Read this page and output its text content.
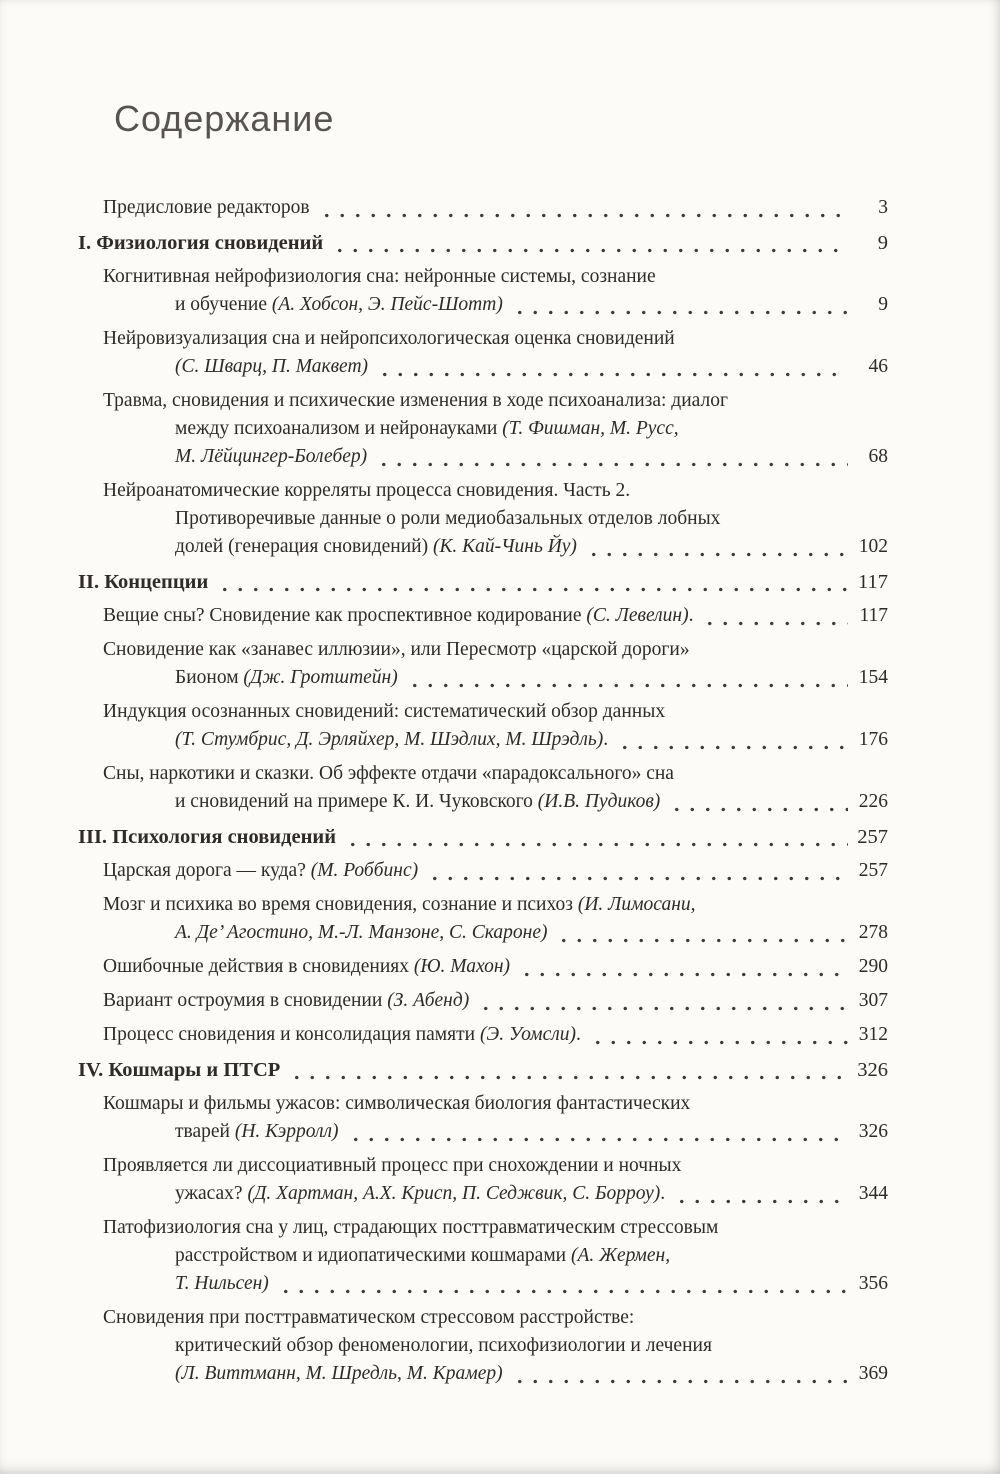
Содержание
Предисловие редакторов	3
I. Физиология сновидений	9
Когнитивная нейрофизиология сна: нейронные системы, сознание
и обучение (А. Хобсон, Э. Пейс-Шотт)	9
Нейровизуализация сна и нейропсихологическая оценка сновидений
(С. Шварц, П. Маквет)	46
Травма, сновидения и психические изменения в ходе психоанализа: диалог
между психоанализом и нейронауками (Т. Фишман, М. Русс,
М. Лёйцингер-Болебер)	68
Нейроанатомические корреляты процесса сновидения. Часть 2.
Противоречивые данные о роли медиобазальных отделов лобных
долей (генерация сновидений) (К. Кай-Чинь Йу)	102
II. Концепции	117
Вещие сны? Сновидение как проспективное кодирование (С. Левелин).	117
Сновидение как «занавес иллюзии», или Пересмотр «царской дороги»
Бионом (Дж. Гротштейн)	154
Индукция осознанных сновидений: систематический обзор данных
(Т. Стумбрис, Д. Эрляйхер, М. Шэдлих, М. Шрэдль).	176
Сны, наркотики и сказки. Об эффекте отдачи «парадоксального» сна
и сновидений на примере К. И. Чуковского (И.В. Пудиков)	226
III. Психология сновидений	257
Царская дорога — куда? (М. Роббинс)	257
Мозг и психика во время сновидения, сознание и психоз (И. Лимосани,
А. Де’ Агостино, М.-Л. Манзоне, С. Скароне)	278
Ошибочные действия в сновидениях (Ю. Махон)	290
Вариант остроумия в сновидении (З. Абенд)	307
Процесс сновидения и консолидация памяти (Э. Уомсли).	312
IV. Кошмары и ПТСР	326
Кошмары и фильмы ужасов: символическая биология фантастических
тварей (Н. Кэрролл)	326
Проявляется ли диссоциативный процесс при снохождении и ночных
ужасах? (Д. Хартман, А.Х. Крисп, П. Седжвик, С. Борроу).	344
Патофизиология сна у лиц, страдающих посттравматическим стрессовым
расстройством и идиопатическими кошмарами (А. Жермен,
Т. Нильсен)	356
Сновидения при посттравматическом стрессовом расстройстве:
критический обзор феноменологии, психофизиологии и лечения
(Л. Виттманн, М. Шредль, М. Крамер)	369
